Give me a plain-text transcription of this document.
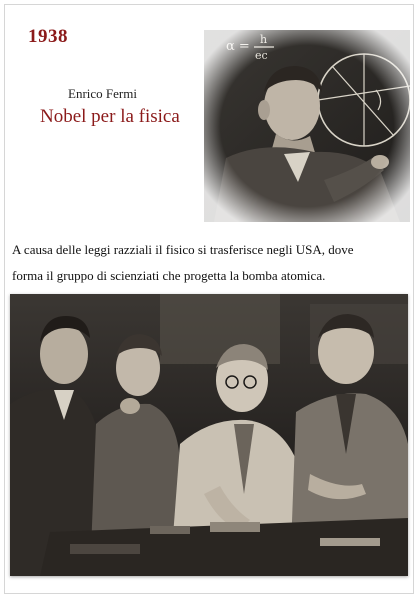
1938
Enrico Fermi
Nobel per la fisica
A causa delle leggi razziali il fisico si trasferisce negli USA, dove
forma il gruppo di scienziati che progetta la bomba atomica.
